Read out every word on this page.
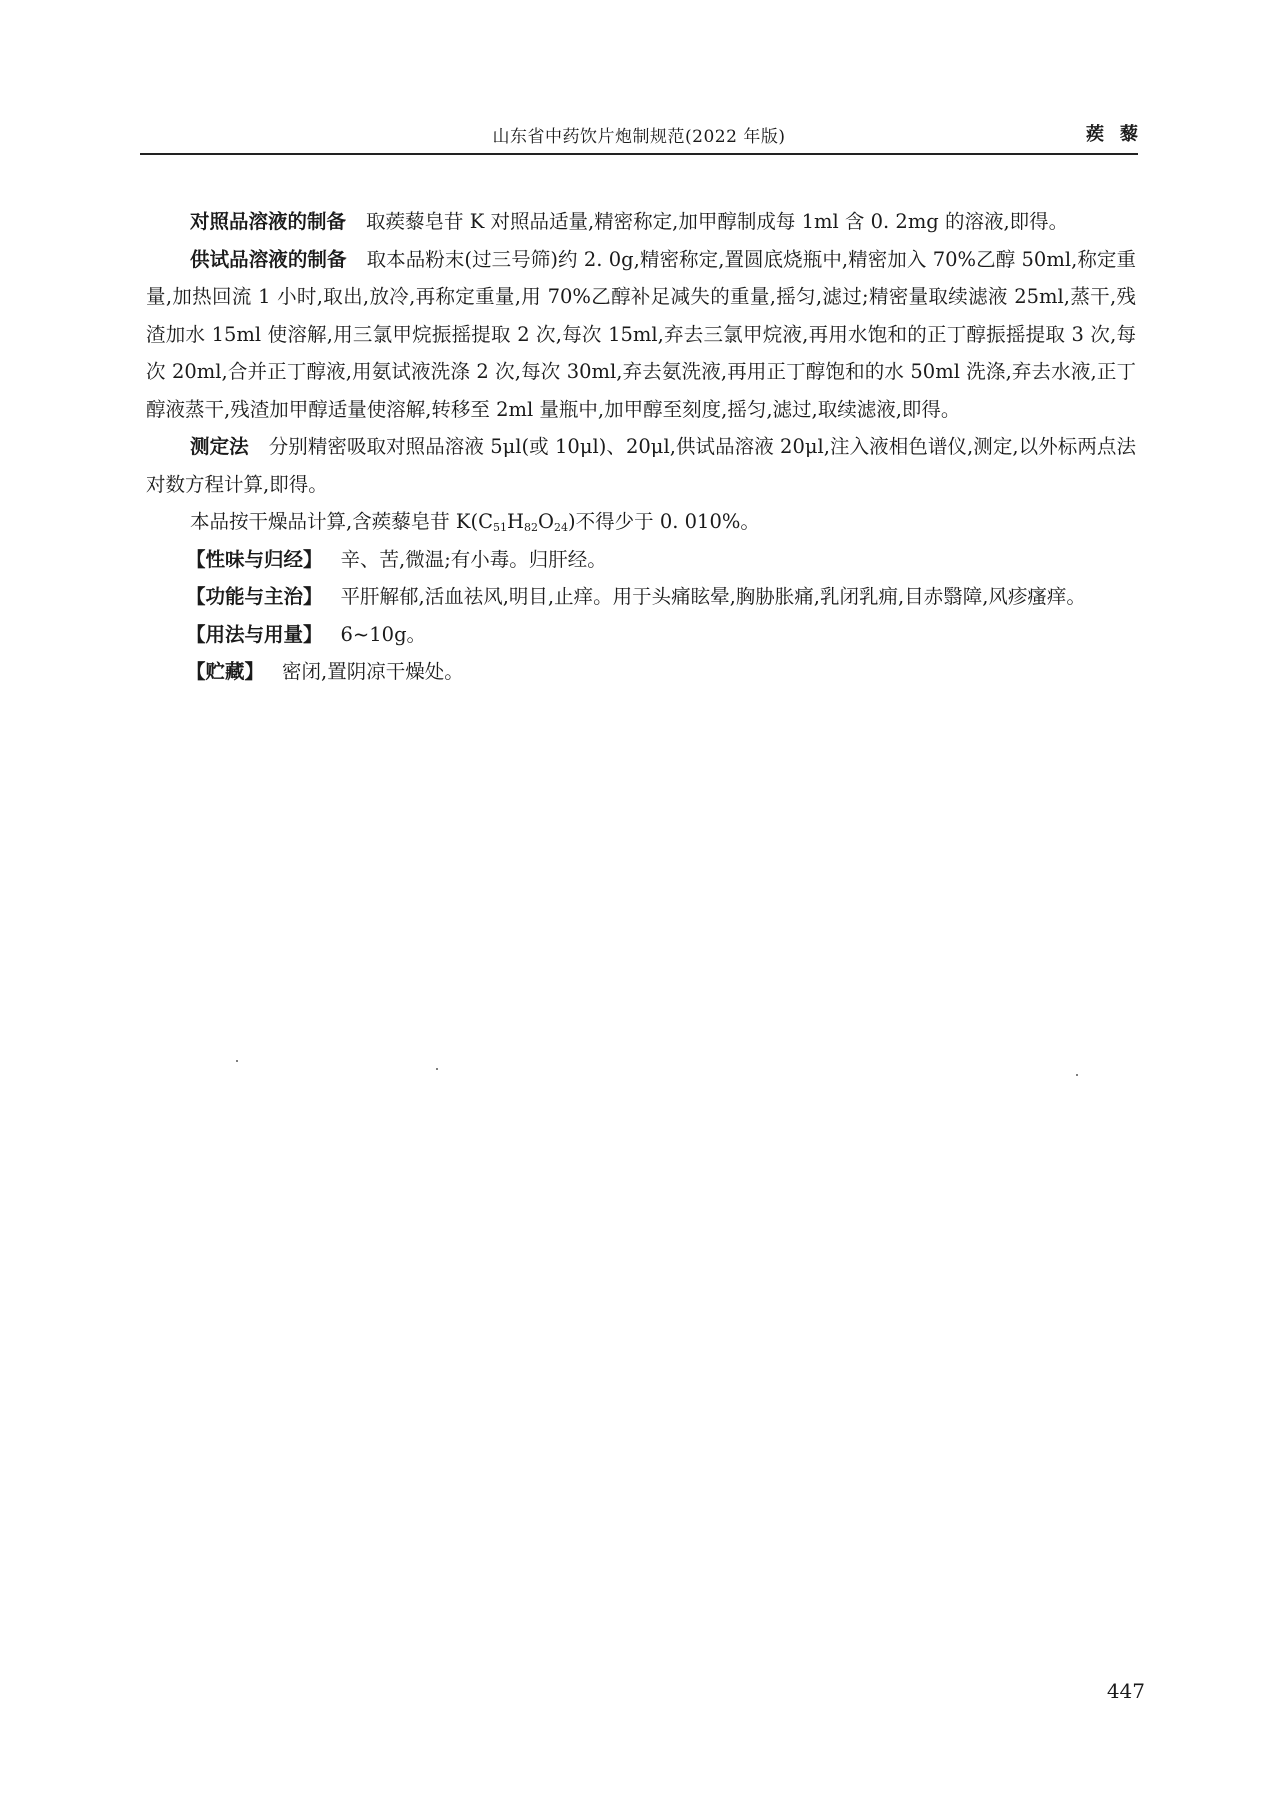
山东省中药饮片炮制规范(2022 年版)	蒺藜

对照品溶液的制备 取蒺藜皂苷 K 对照品适量,精密称定,加甲醇制成每 1ml 含 0. 2mg 的溶液,即得。

供试品溶液的制备 取本品粉末(过三号筛)约 2. 0g,精密称定,置圆底烧瓶中,精密加入 70%乙醇 50ml,称定重量,加热回流 1 小时,取出,放冷,再称定重量,用 70%乙醇补足减失的重量,摇匀,滤过;精密量取续滤液 25ml,蒸干,残渣加水 15ml 使溶解,用三氯甲烷振摇提取 2 次,每次 15ml,弃去三氯甲烷液,再用水饱和的正丁醇振摇提取 3 次,每次 20ml,合并正丁醇液,用氨试液洗涤 2 次,每次 30ml,弃去氨洗液,再用正丁醇饱和的水 50ml 洗涤,弃去水液,正丁醇液蒸干,残渣加甲醇适量使溶解,转移至 2ml 量瓶中,加甲醇至刻度,摇匀,滤过,取续滤液,即得。

测定法 分别精密吸取对照品溶液 5μl(或 10μl)、20μl,供试品溶液 20μl,注入液相色谱仪,测定,以外标两点法对数方程计算,即得。

本品按干燥品计算,含蒺藜皂苷 $K(C_{51}H_{82}O_{24})$不得少于 0. 010%。

【性味与归经】 辛、苦,微温;有小毒。归肝经。

【功能与主治】 平肝解郁,活血祛风,明目,止痒。用于头痛眩晕,胸胁胀痛,乳闭乳痈,目赤翳障,风疹瘙痒。

【用法与用量】 6~10g。

【贮藏】 密闭,置阴凉干燥处。

447
